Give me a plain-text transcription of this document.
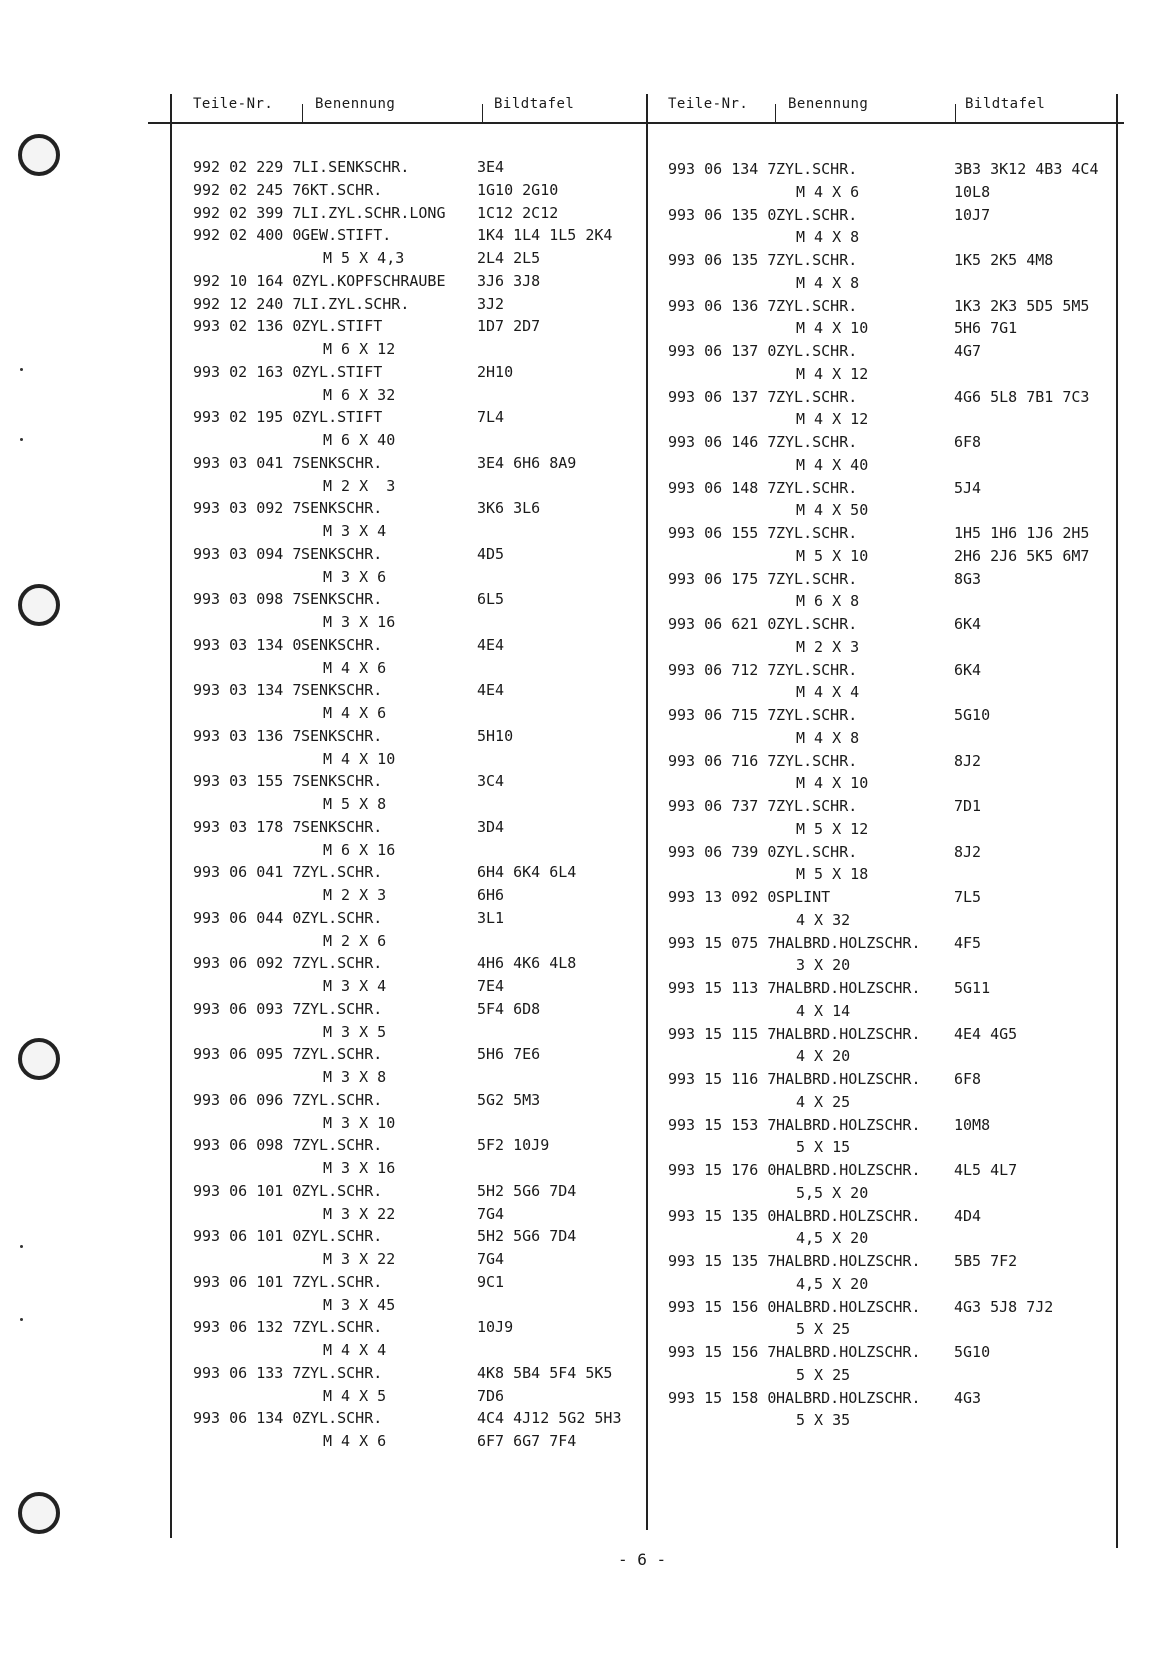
Teile-Nr.	Benennung	Bildtafel	Teile-Nr.	Benennung	Bildtafel
992 02 229 7 LI.SENKSCHR.	3E4
992 02 245 7 6KT.SCHR.	1G10 2G10
992 02 399 7 LI.ZYL.SCHR.LONG 1C12 2C12
992 02 400 0 GEW.STIFT.	1K4 1L4 1L5 2K4
M 5 X 4,3	2L4 2L5
992 10 164 0 ZYL.KOPFSCHRAUBE 3J6 3J8
992 12 240 7 LI.ZYL.SCHR.	3J2
993 02 136 0 ZYL.STIFT	1D7 2D7
M 6 X 12
993 02 163 0 ZYL.STIFT	2H10
M 6 X 32
993 02 195 0 ZYL.STIFT	7L4
M 6 X 40
993 03 041 7 SENKSCHR.	3E4 6H6 8A9
M 2 X  3
993 03 092 7 SENKSCHR.	3K6 3L6
M 3 X 4
993 03 094 7 SENKSCHR.	4D5
M 3 X 6
993 03 098 7 SENKSCHR.	6L5
M 3 X 16
993 03 134 0 SENKSCHR.	4E4
M 4 X 6
993 03 134 7 SENKSCHR.	4E4
M 4 X 6
993 03 136 7 SENKSCHR.	5H10
M 4 X 10
993 03 155 7 SENKSCHR.	3C4
M 5 X 8
993 03 178 7 SENKSCHR.	3D4
M 6 X 16
993 06 041 7 ZYL.SCHR.	6H4 6K4 6L4
M 2 X 3	6H6
993 06 044 0 ZYL.SCHR.	3L1
M 2 X 6
993 06 092 7 ZYL.SCHR.	4H6 4K6 4L8
M 3 X 4	7E4
993 06 093 7 ZYL.SCHR.	5F4 6D8
M 3 X 5
993 06 095 7 ZYL.SCHR.	5H6 7E6
M 3 X 8
993 06 096 7 ZYL.SCHR.	5G2 5M3
M 3 X 10
993 06 098 7 ZYL.SCHR.	5F2 10J9
M 3 X 16
993 06 101 0 ZYL.SCHR.	5H2 5G6 7D4
M 3 X 22	7G4
993 06 101 0 ZYL.SCHR.	5H2 5G6 7D4
M 3 X 22	7G4
993 06 101 7 ZYL.SCHR.	9C1
M 3 X 45
993 06 132 7 ZYL.SCHR.	10J9
M 4 X 4
993 06 133 7 ZYL.SCHR.	4K8 5B4 5F4 5K5
M 4 X 5	7D6
993 06 134 0 ZYL.SCHR.	4C4 4J12 5G2 5H3
M 4 X 6	6F7 6G7 7F4
993 06 134 7 ZYL.SCHR.	3B3 3K12 4B3 4C4
M 4 X 6	10L8
993 06 135 0 ZYL.SCHR.	10J7
M 4 X 8
993 06 135 7 ZYL.SCHR.	1K5 2K5 4M8
M 4 X 8
993 06 136 7 ZYL.SCHR.	1K3 2K3 5D5 5M5
M 4 X 10	5H6 7G1
993 06 137 0 ZYL.SCHR.	4G7
M 4 X 12
993 06 137 7 ZYL.SCHR.	4G6 5L8 7B1 7C3
M 4 X 12
993 06 146 7 ZYL.SCHR.	6F8
M 4 X 40
993 06 148 7 ZYL.SCHR.	5J4
M 4 X 50
993 06 155 7 ZYL.SCHR.	1H5 1H6 1J6 2H5
M 5 X 10	2H6 2J6 5K5 6M7
993 06 175 7 ZYL.SCHR.	8G3
M 6 X 8
993 06 621 0 ZYL.SCHR.	6K4
M 2 X 3
993 06 712 7 ZYL.SCHR.	6K4
M 4 X 4
993 06 715 7 ZYL.SCHR.	5G10
M 4 X 8
993 06 716 7 ZYL.SCHR.	8J2
M 4 X 10
993 06 737 7 ZYL.SCHR.	7D1
M 5 X 12
993 06 739 0 ZYL.SCHR.	8J2
M 5 X 18
993 13 092 0 SPLINT	7L5
4 X 32
993 15 075 7 HALBRD.HOLZSCHR. 4F5
3 X 20
993 15 113 7 HALBRD.HOLZSCHR. 5G11
4 X 14
993 15 115 7 HALBRD.HOLZSCHR. 4E4 4G5
4 X 20
993 15 116 7 HALBRD.HOLZSCHR. 6F8
4 X 25
993 15 153 7 HALBRD.HOLZSCHR. 10M8
5 X 15
993 15 176 0 HALBRD.HOLZSCHR. 4L5 4L7
5,5 X 20
993 15 135 0 HALBRD.HOLZSCHR. 4D4
4,5 X 20
993 15 135 7 HALBRD.HOLZSCHR. 5B5 7F2
4,5 X 20
993 15 156 0 HALBRD.HOLZSCHR. 4G3 5J8 7J2
5 X 25
993 15 156 7 HALBRD.HOLZSCHR. 5G10
5 X 25
993 15 158 0 HALBRD.HOLZSCHR. 4G3
5 X 35
- 6 -
